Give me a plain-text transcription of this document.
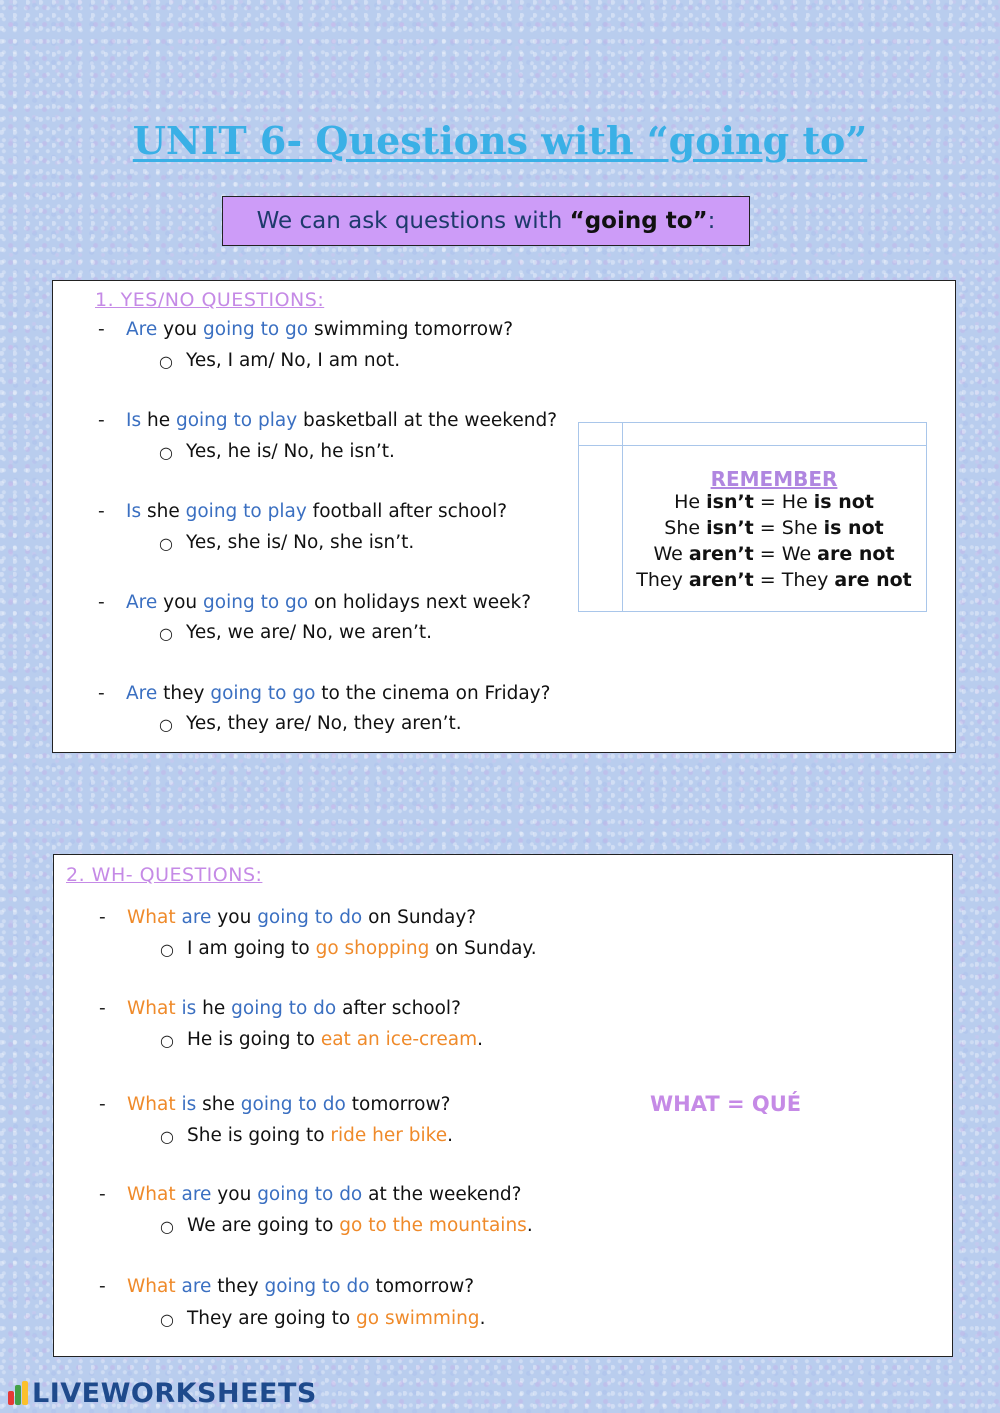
UNIT 6- Questions with “going to”
We can ask questions with “going to” :
1. YES/NO QUESTIONS:
- Are you going to go swimming tomorrow?
○ Yes, I am/ No, I am not.
- Is he going to play basketball at the weekend?
○ Yes, he is/ No, he isn’t.
- Is she going to play football after school?
○ Yes, she is/ No, she isn’t.
- Are you going to go on holidays next week?
○ Yes, we are/ No, we aren’t.
- Are they going to go to the cinema on Friday?
○ Yes, they are/ No, they aren’t.
REMEMBER
He isn’t = He is not
She isn’t = She is not
We aren’t = We are not
They aren’t = They are not
2. WH- QUESTIONS:
- What are you going to do on Sunday?
○ I am going to go shopping on Sunday.
- What is he going to do after school?
○ He is going to eat an ice-cream.
- What is she going to do tomorrow?
○ She is going to ride her bike.
- What are you going to do at the weekend?
○ We are going to go to the mountains.
- What are they going to do tomorrow?
○ They are going to go swimming.
WHAT = QUÉ
LIVEWORKSHEETS
